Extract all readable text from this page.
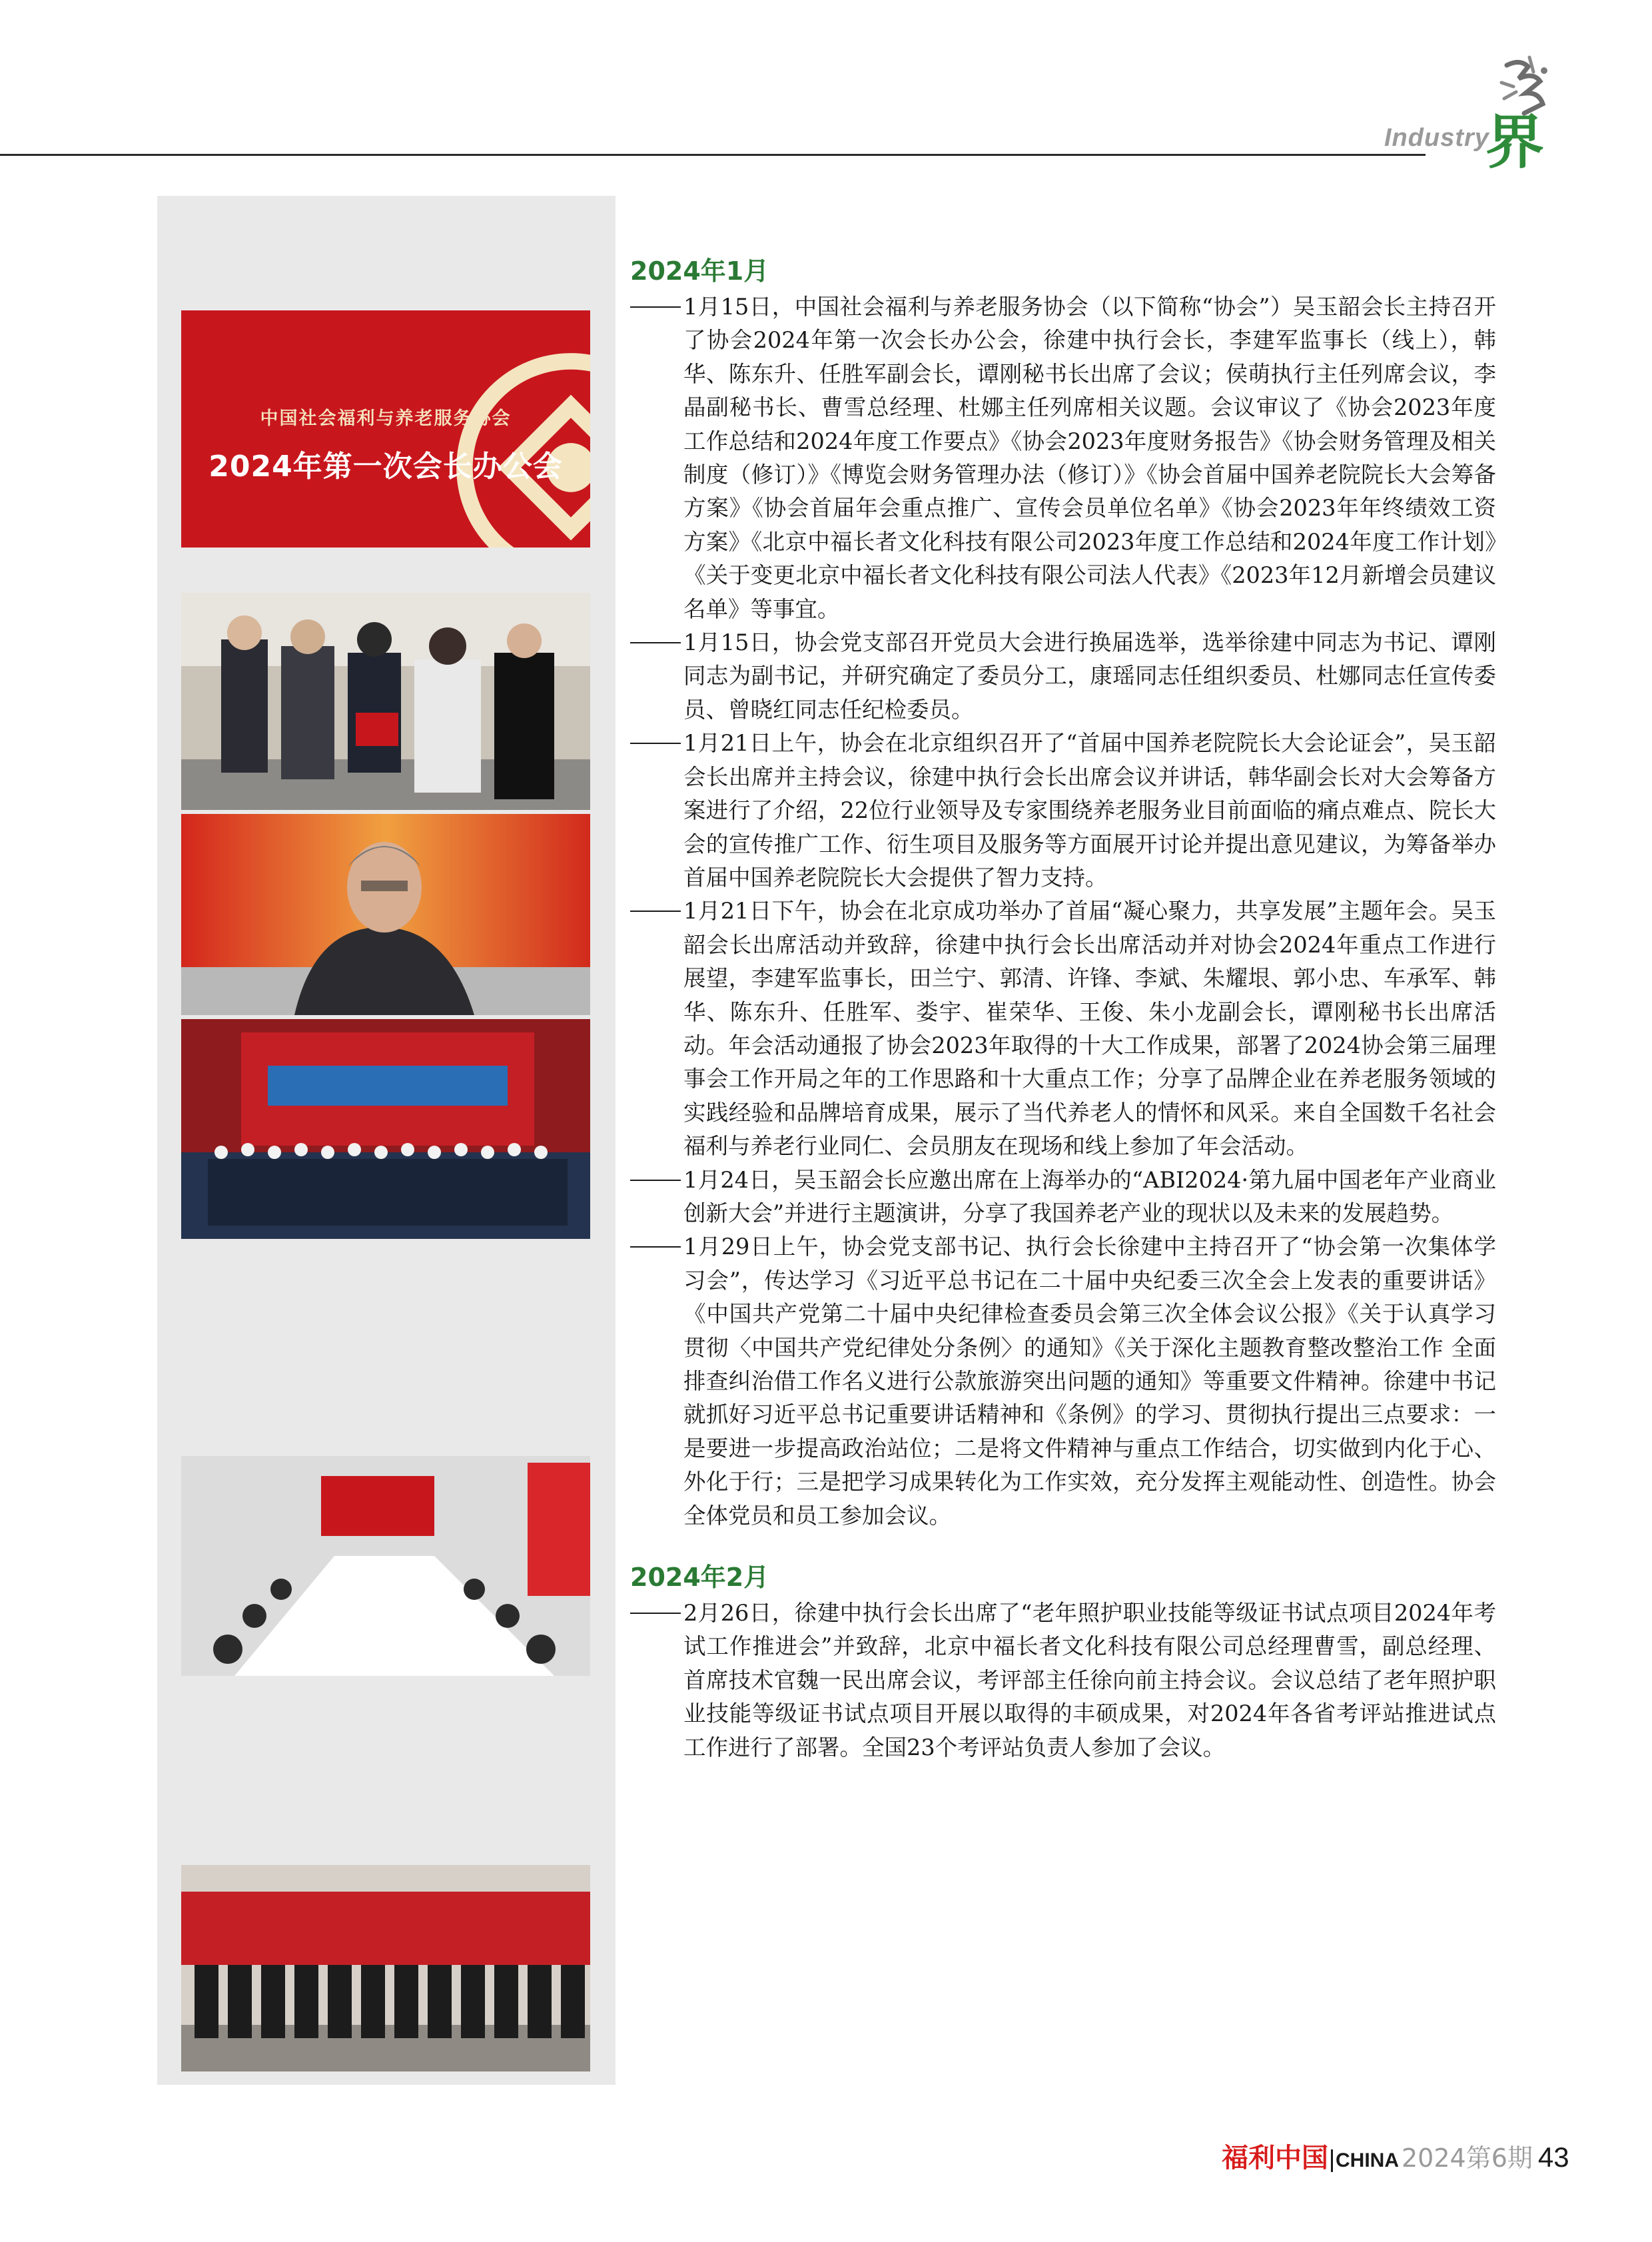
Industry
界
中国社会福利与养老服务协会
2024年第一次会长办公会
2024年1月
1月15日，中国社会福利与养老服务协会（以下简称“协会”）吴玉韶会长主持召开了协会2024年第一次会长办公会，徐建中执行会长，李建军监事长（线上），韩华、陈东升、任胜军副会长，谭刚秘书长出席了会议；侯萌执行主任列席会议，李晶副秘书长、曹雪总经理、杜娜主任列席相关议题。会议审议了《协会2023年度工作总结和2024年度工作要点》《协会2023年度财务报告》《协会财务管理及相关制度（修订）》《博览会财务管理办法（修订）》《协会首届中国养老院院长大会筹备方案》《协会首届年会重点推广、宣传会员单位名单》《协会2023年年终绩效工资方案》《北京中福长者文化科技有限公司2023年度工作总结和2024年度工作计划》《关于变更北京中福长者文化科技有限公司法人代表》《2023年12月新增会员建议名单》等事宜。
1月15日，协会党支部召开党员大会进行换届选举，选举徐建中同志为书记、谭刚同志为副书记，并研究确定了委员分工，康瑶同志任组织委员、杜娜同志任宣传委员、曾晓红同志任纪检委员。
1月21日上午，协会在北京组织召开了“首届中国养老院院长大会论证会”，吴玉韶会长出席并主持会议，徐建中执行会长出席会议并讲话，韩华副会长对大会筹备方案进行了介绍，22位行业领导及专家围绕养老服务业目前面临的痛点难点、院长大会的宣传推广工作、衍生项目及服务等方面展开讨论并提出意见建议，为筹备举办首届中国养老院院长大会提供了智力支持。
1月21日下午，协会在北京成功举办了首届“凝心聚力，共享发展”主题年会。吴玉韶会长出席活动并致辞，徐建中执行会长出席活动并对协会2024年重点工作进行展望，李建军监事长，田兰宁、郭清、许锋、李斌、朱耀垠、郭小忠、车承军、韩华、陈东升、任胜军、娄宇、崔荣华、王俊、朱小龙副会长，谭刚秘书长出席活动。年会活动通报了协会2023年取得的十大工作成果，部署了2024协会第三届理事会工作开局之年的工作思路和十大重点工作；分享了品牌企业在养老服务领域的实践经验和品牌培育成果，展示了当代养老人的情怀和风采。来自全国数千名社会福利与养老行业同仁、会员朋友在现场和线上参加了年会活动。
1月24日，吴玉韶会长应邀出席在上海举办的“ABI2024·第九届中国老年产业商业创新大会”并进行主题演讲，分享了我国养老产业的现状以及未来的发展趋势。
1月29日上午，协会党支部书记、执行会长徐建中主持召开了“协会第一次集体学习会”，传达学习《习近平总书记在二十届中央纪委三次全会上发表的重要讲话》《中国共产党第二十届中央纪律检查委员会第三次全体会议公报》《关于认真学习贯彻〈中国共产党纪律处分条例〉的通知》《关于深化主题教育整改整治工作 全面排查纠治借工作名义进行公款旅游突出问题的通知》等重要文件精神。徐建中书记就抓好习近平总书记重要讲话精神和《条例》的学习、贯彻执行提出三点要求：一是要进一步提高政治站位；二是将文件精神与重点工作结合，切实做到内化于心、外化于行；三是把学习成果转化为工作实效，充分发挥主观能动性、创造性。协会全体党员和员工参加会议。
2024年2月
2月26日，徐建中执行会长出席了“老年照护职业技能等级证书试点项目2024年考试工作推进会”并致辞，北京中福长者文化科技有限公司总经理曹雪，副总经理、首席技术官魏一民出席会议，考评部主任徐向前主持会议。会议总结了老年照护职业技能等级证书试点项目开展以取得的丰硕成果，对2024年各省考评站推进试点工作进行了部署。全国23个考评站负责人参加了会议。
福利中国 CHINA 2024第6期 43
